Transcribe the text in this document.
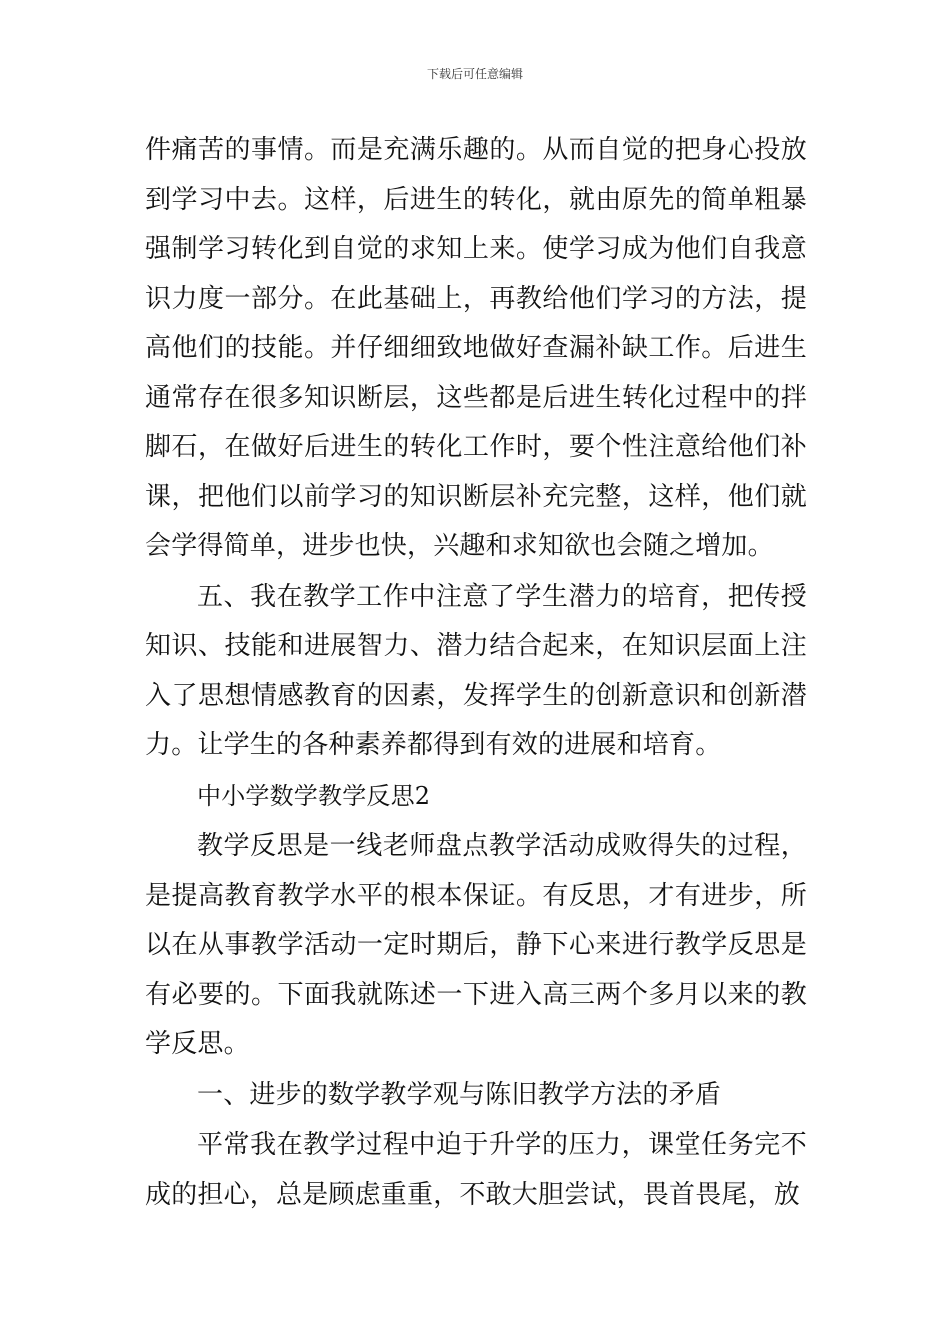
下载后可任意编辑

件痛苦的事情。而是充满乐趣的。从而自觉的把身心投放到学习中去。这样，后进生的转化，就由原先的简单粗暴强制学习转化到自觉的求知上来。使学习成为他们自我意识力度一部分。在此基础上，再教给他们学习的方法，提高他们的技能。并仔细细致地做好查漏补缺工作。后进生通常存在很多知识断层，这些都是后进生转化过程中的拌脚石，在做好后进生的转化工作时，要个性注意给他们补课，把他们以前学习的知识断层补充完整，这样，他们就会学得简单，进步也快，兴趣和求知欲也会随之增加。

五、我在教学工作中注意了学生潜力的培育，把传授知识、技能和进展智力、潜力结合起来，在知识层面上注入了思想情感教育的因素，发挥学生的创新意识和创新潜力。让学生的各种素养都得到有效的进展和培育。

中小学数学教学反思2

教学反思是一线老师盘点教学活动成败得失的过程，是提高教育教学水平的根本保证。有反思，才有进步，所以在从事教学活动一定时期后，静下心来进行教学反思是有必要的。下面我就陈述一下进入高三两个多月以来的教学反思。

一、进步的数学教学观与陈旧教学方法的矛盾

平常我在教学过程中迫于升学的压力，课堂任务完不成的担心，总是顾虑重重，不敢大胆尝试，畏首畏尾，放
